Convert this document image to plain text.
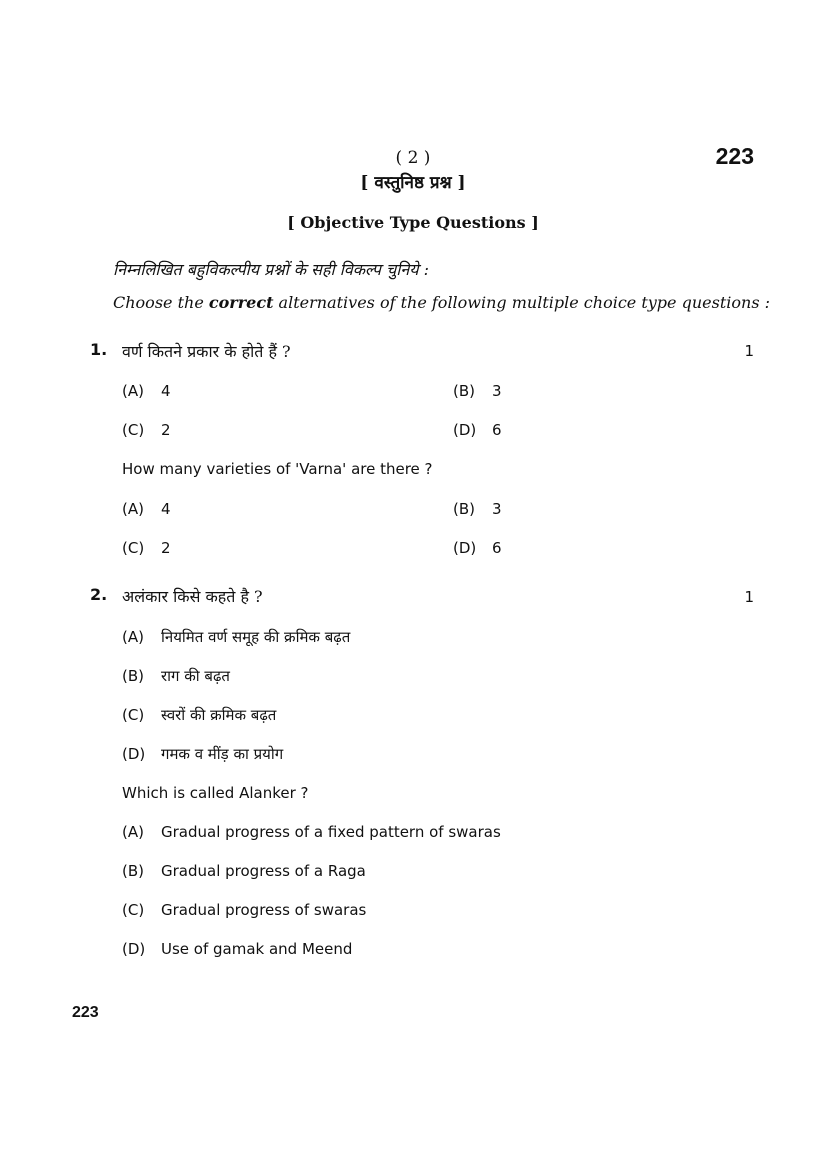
( 2 )	223
[ वस्तुनिष्ठ प्रश्न ]
[ Objective Type Questions ]
निम्नलिखित बहुविकल्पीय प्रश्नों के सही विकल्प चुनिये :
Choose the correct alternatives of the following multiple choice type questions :
1. वर्ण कितने प्रकार के होते हैं ?	1
(A) 4	(B) 3
(C) 2	(D) 6
How many varieties of 'Varna' are there ?
(A) 4	(B) 3
(C) 2	(D) 6
2. अलंकार किसे कहते है ?	1
(A) नियमित वर्ण समूह की क्रमिक बढ़त
(B) राग की बढ़त
(C) स्वरों की क्रमिक बढ़त
(D) गमक व मींड़ का प्रयोग
Which is called Alanker ?
(A) Gradual progress of a fixed pattern of swaras
(B) Gradual progress of a Raga
(C) Gradual progress of swaras
(D) Use of gamak and Meend
223
